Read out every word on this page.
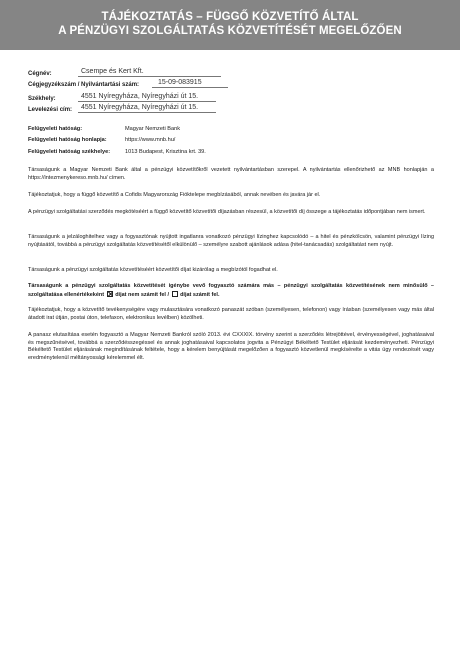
TÁJÉKOZTATÁS – FÜGGŐ KÖZVETÍTŐ ÁLTAL
A PÉNZÜGYI SZOLGÁLTATÁS KÖZVETÍTÉSÉT MEGELŐZŐEN
Cégnév:	Csempe és Kert Kft.
Cégjegyzékszám / Nyilvántartási szám:	15-09-083915
Székhely:	4551 Nyíregyháza, Nyíregyházi út 15.
Levelezési cím:	4551 Nyíregyháza, Nyíregyházi út 15.
Felügyeleti hatóság:	Magyar Nemzeti Bank
Felügyeleti hatóság honlapja:	https://www.mnb.hu/
Felügyeleti hatóság székhelye:	1013 Budapest, Krisztina krt. 39.

Társaságunk a Magyar Nemzeti Bank által a pénzügyi közvetítőkről vezetett nyilvántartásban szerepel. A nyilvántartás ellenőrizhető az MNB honlapján a https://intezmenykereso.mnb.hu/ címen.

Tájékoztatjuk, hogy a függő közvetítő a Cofidis Magyarország Fióktelepe megbízásából, annak nevében és javára jár el.

A pénzügyi szolgáltatási szerződés megkötéséért a függő közvetítő közvetítői díjazásban részesül, a közvetítői díj összege a tájékoztatás időpontjában nem ismert.

Társaságunk a jelzáloghitelhez vagy a fogyasztónak nyújtott ingatlanra vonatkozó pénzügyi lízinghez kapcsolódó – a hitel és pénzkölcsön, valamint pénzügyi lízing nyújtásától, továbbá a pénzügyi szolgáltatás közvetítésétől elkülönülő – személyre szabott ajánlások adása (hitel-tanácsadás) szolgáltatást nem nyújt.

Társaságunk a pénzügyi szolgáltatás közvetítéséért közvetítői díjat kizárólag a megbízótól fogadhat el.

Társaságunk a pénzügyi szolgáltatás közvetítését igénybe vevő fogyasztó számára más – pénzügyi szolgáltatás közvetítésének nem minősülő – szolgáltatása ellenértékeként díjat nem számít fel / díjat számít fel.

Tájékoztatjuk, hogy a közvetítő tevékenységére vagy mulasztására vonatkozó panaszát szóban (személyesen, telefonon) vagy írásban (személyesen vagy más által átadott irat útján, postai úton, telefaxon, elektronikus levélben) közölheti.

A panasz elutasítása esetén fogyasztó a Magyar Nemzeti Bankról szóló 2013. évi CXXXIX. törvény szerint a szerződés létrejöttével, érvényességével, joghatásaival és megszűnésével, továbbá a szerződésszegéssel és annak joghatásaival kapcsolatos jogvita a Pénzügyi Békéltető Testület eljárását kezdeményezheti. Pénzügyi Békéltető Testület eljárásának megindításának feltétele, hogy a kérelem benyújtását megelőzően a fogyasztó közvetlenül megkísérelte a vitás ügy rendezését vagy eredménytelenül méltányossági kérelemmel élt.
